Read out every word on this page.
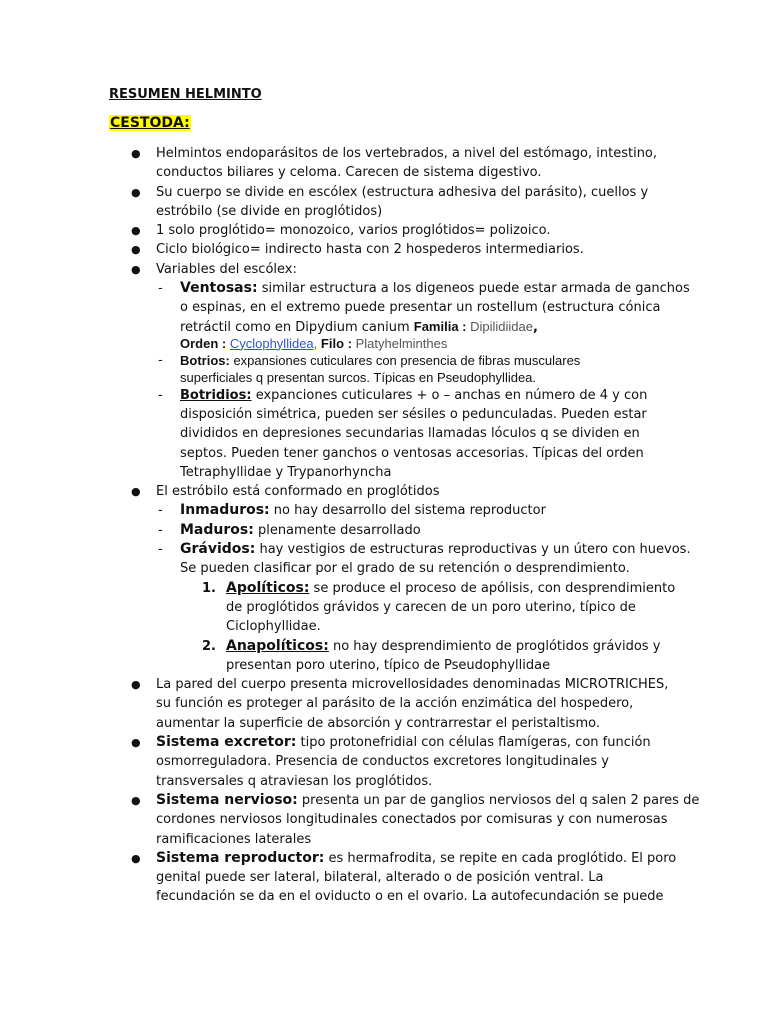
RESUMEN HELMINTO
CESTODA:
● Helmintos endoparásitos de los vertebrados, a nivel del estómago, intestino,
conductos biliares y celoma. Carecen de sistema digestivo.
● Su cuerpo se divide en escólex (estructura adhesiva del parásito), cuellos y
estróbilo (se divide en proglótidos)
● 1 solo proglótido= monozoico, varios proglótidos= polizoico.
● Ciclo biológico= indirecto hasta con 2 hospederos intermediarios.
● Variables del escólex:
- Ventosas: similar estructura a los digeneos puede estar armada de ganchos
o espinas, en el extremo puede presentar un rostellum (estructura cónica
retráctil como en Dipydium canium Familia : Dipilidiidae,
Orden : Cyclophyllidea, Filo : Platyhelminthes
- Botrios: expansiones cuticulares con presencia de fibras musculares
superficiales q presentan surcos. Típicas en Pseudophyllidea.
- Botridios: expanciones cuticulares + o – anchas en número de 4 y con
disposición simétrica, pueden ser sésiles o pedunculadas. Pueden estar
divididos en depresiones secundarias llamadas lóculos q se dividen en
septos. Pueden tener ganchos o ventosas accesorias. Típicas del orden
Tetraphyllidae y Trypanorhyncha
● El estróbilo está conformado en proglótidos
- Inmaduros: no hay desarrollo del sistema reproductor
- Maduros: plenamente desarrollado
- Grávidos: hay vestigios de estructuras reproductivas y un útero con huevos.
Se pueden clasificar por el grado de su retención o desprendimiento.
1. Apolíticos: se produce el proceso de apólisis, con desprendimiento
de proglótidos grávidos y carecen de un poro uterino, típico de
Ciclophyllidae.
2. Anapolíticos: no hay desprendimiento de proglótidos grávidos y
presentan poro uterino, típico de Pseudophyllidae
● La pared del cuerpo presenta microvellosidades denominadas MICROTRICHES,
su función es proteger al parásito de la acción enzimática del hospedero,
aumentar la superficie de absorción y contrarrestar el peristaltismo.
● Sistema excretor: tipo protonefridial con células flamígeras, con función
osmorreguladora. Presencia de conductos excretores longitudinales y
transversales q atraviesan los proglótidos.
● Sistema nervioso: presenta un par de ganglios nerviosos del q salen 2 pares de
cordones nerviosos longitudinales conectados por comisuras y con numerosas
ramificaciones laterales
● Sistema reproductor: es hermafrodita, se repite en cada proglótido. El poro
genital puede ser lateral, bilateral, alterado o de posición ventral. La
fecundación se da en el oviducto o en el ovario. La autofecundación se puede
